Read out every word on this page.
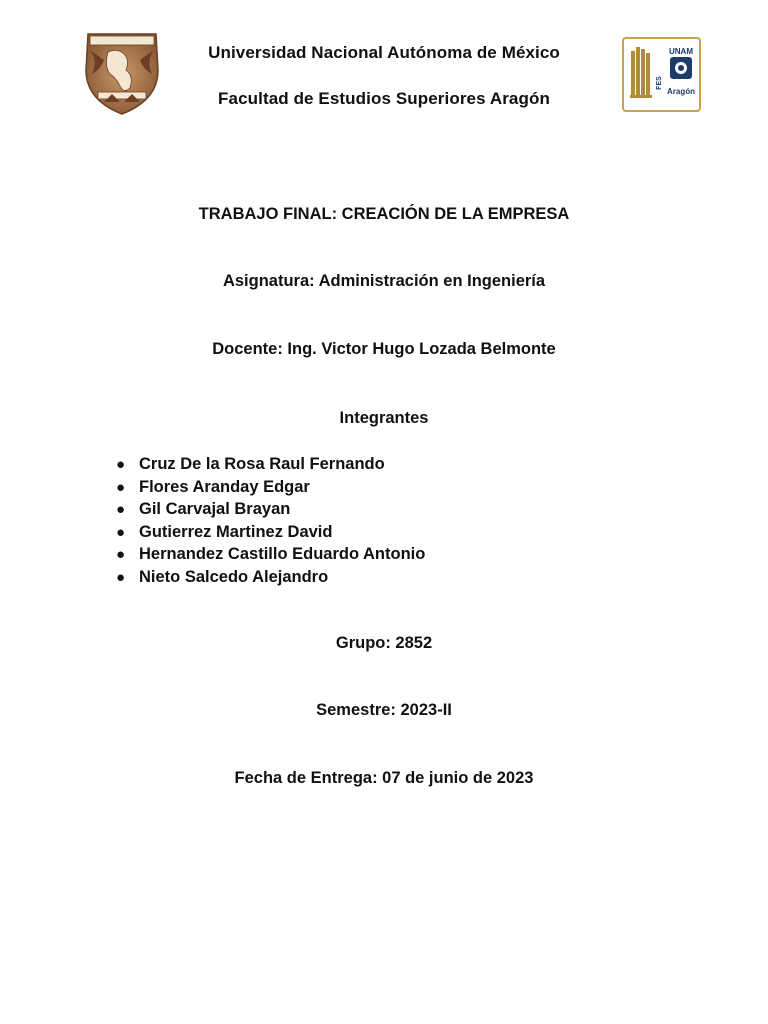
Universidad Nacional Autónoma de México
Facultad de Estudios Superiores Aragón
UNAM
FES
Aragón
TRABAJO FINAL: CREACIÓN DE LA EMPRESA
Asignatura: Administración en Ingeniería
Docente: Ing. Victor Hugo Lozada Belmonte
Integrantes
● Cruz De la Rosa Raul Fernando
● Flores Aranday Edgar
● Gil Carvajal Brayan
● Gutierrez Martinez David
● Hernandez Castillo Eduardo Antonio
● Nieto Salcedo Alejandro
Grupo: 2852
Semestre: 2023-II
Fecha de Entrega: 07 de junio de 2023
